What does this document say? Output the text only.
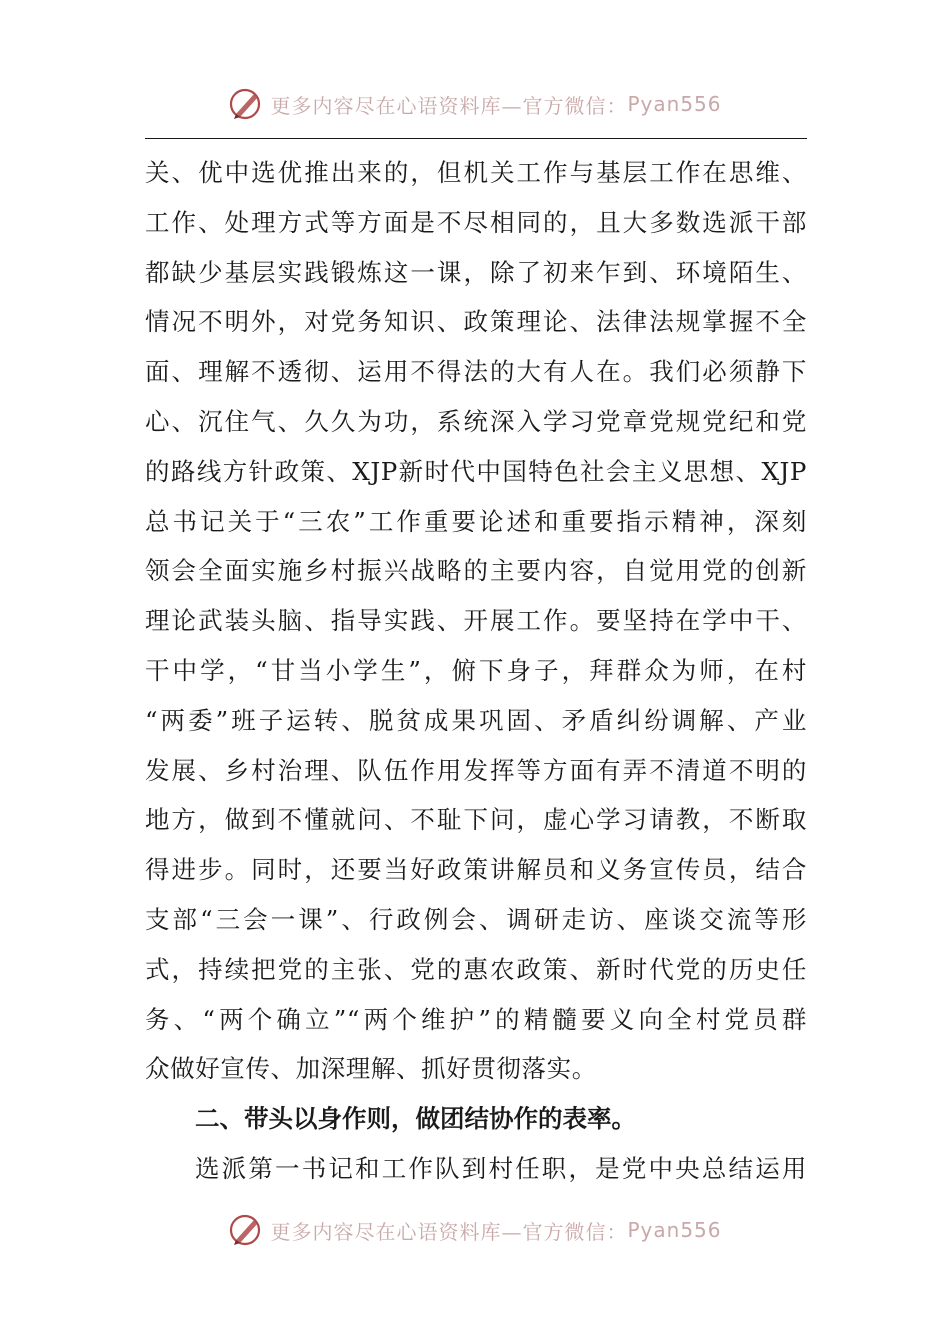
更多内容尽在心语资料库—官方微信： Pyan556
关、优中选优推出来的，但机关工作与基层工作在思维、
工作、处理方式等方面是不尽相同的，且大多数选派干部
都缺少基层实践锻炼这一课，除了初来乍到、环境陌生、
情况不明外，对党务知识、政策理论、法律法规掌握不全
面、理解不透彻、运用不得法的大有人在。我们必须静下
心、沉住气、久久为功，系统深入学习党章党规党纪和党
的路线方针政策、XJP新时代中国特色社会主义思想、XJP
总书记关于“三农”工作重要论述和重要指示精神，深刻
领会全面实施乡村振兴战略的主要内容，自觉用党的创新
理论武装头脑、指导实践、开展工作。要坚持在学中干、
干中学，“甘当小学生”，俯下身子，拜群众为师，在村
“两委”班子运转、脱贫成果巩固、矛盾纠纷调解、产业
发展、乡村治理、队伍作用发挥等方面有弄不清道不明的
地方，做到不懂就问、不耻下问，虚心学习请教，不断取
得进步。同时，还要当好政策讲解员和义务宣传员，结合
支部“三会一课”、行政例会、调研走访、座谈交流等形
式，持续把党的主张、党的惠农政策、新时代党的历史任
务、“两个确立”“两个维护”的精髓要义向全村党员群
众做好宣传、加深理解、抓好贯彻落实。
二、带头以身作则，做团结协作的表率。
选派第一书记和工作队到村任职，是党中央总结运用
更多内容尽在心语资料库—官方微信： Pyan556
